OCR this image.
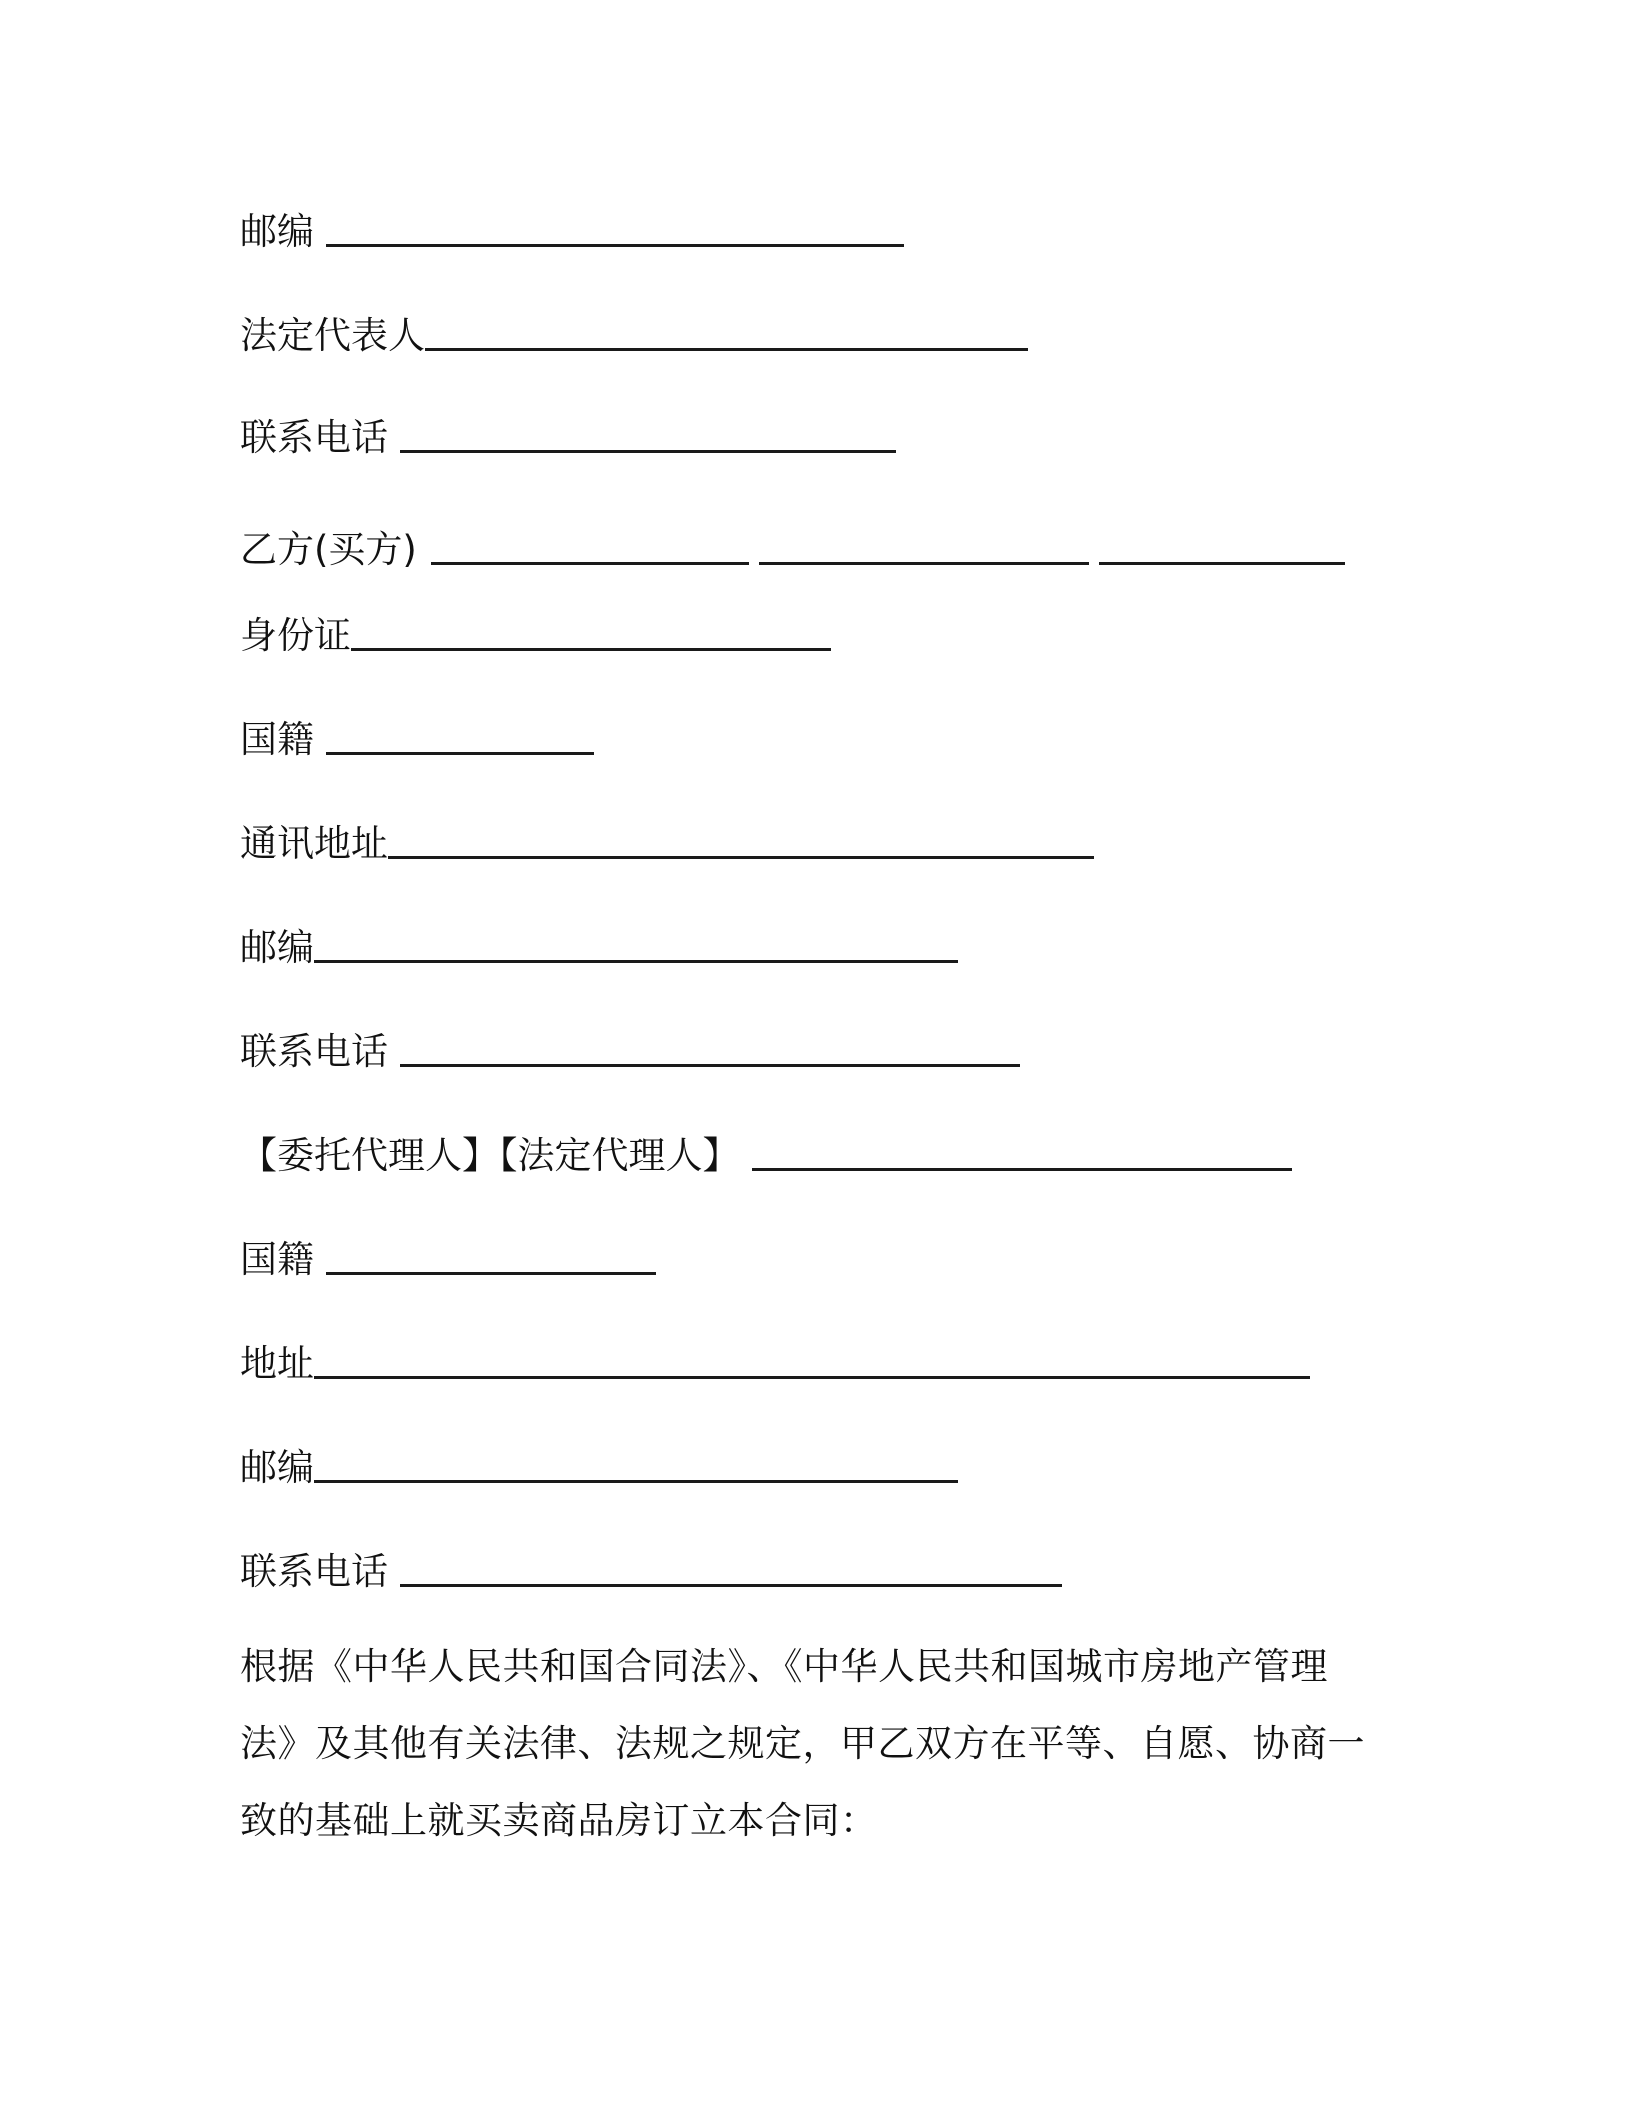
邮编
法定代表人
联系电话
乙方(买方)
身份证
国籍
通讯地址
邮编
联系电话
【委托代理人】【法定代理人】
国籍
地址
邮编
联系电话

根据《中华人民共和国合同法》、《中华人民共和国城市房地产管理

法》及其他有关法律、法规之规定，甲乙双方在平等、自愿、协商一

致的基础上就买卖商品房订立本合同：
